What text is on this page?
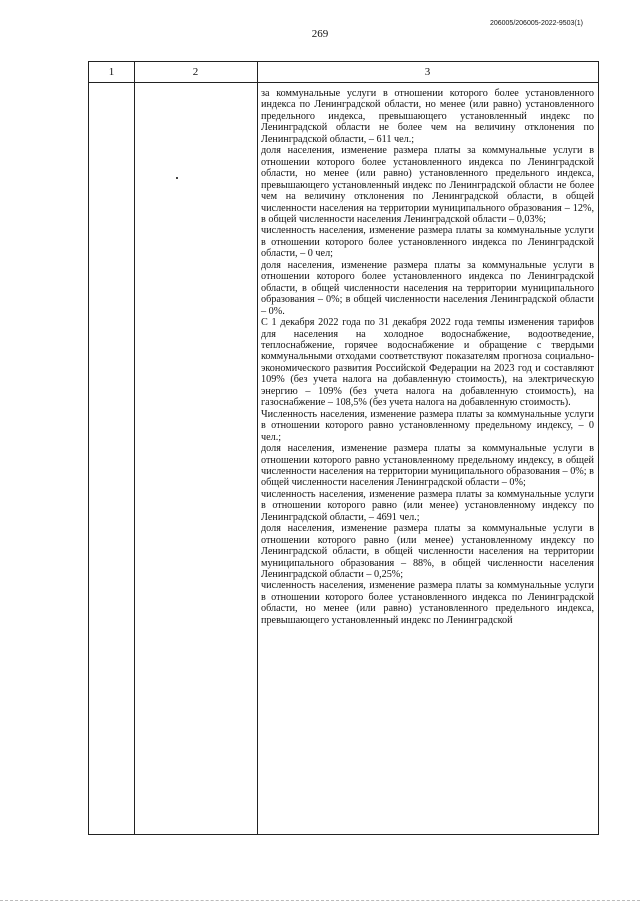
269
206005/206005-2022-9503(1)
1	2	3

за коммунальные услуги в отношении которого более установленного индекса по Ленинградской области, но менее (или равно) установленного предельного индекса, превышающего установленный индекс по Ленинградской области не более чем на величину отклонения по Ленинградской области, – 611 чел.;

доля населения, изменение размера платы за коммунальные услуги в отношении которого более установленного индекса по Ленинградской области, но менее (или равно) установленного предельного индекса, превышающего установленный индекс по Ленинградской области не более чем на величину отклонения по Ленинградской области, в общей численности населения на территории муниципального образования – 12%, в общей численности населения Ленинградской области – 0,03%;

численность населения, изменение размера платы за коммунальные услуги в отношении которого более установленного индекса по Ленинградской области, – 0 чел;

доля населения, изменение размера платы за коммунальные услуги в отношении которого более установленного индекса по Ленинградской области, в общей численности населения на территории муниципального образования – 0%; в общей численности населения Ленинградской области – 0%.

С 1 декабря 2022 года по 31 декабря 2022 года темпы изменения тарифов для населения на холодное водоснабжение, водоотведение, теплоснабжение, горячее водоснабжение и обращение с твердыми коммунальными отходами соответствуют показателям прогноза социально-экономического развития Российской Федерации на 2023 год и составляют 109% (без учета налога на добавленную стоимость), на электрическую энергию – 109% (без учета налога на добавленную стоимость), на газоснабжение – 108,5% (без учета налога на добавленную стоимость).

Численность населения, изменение размера платы за коммунальные услуги в отношении которого равно установленному предельному индексу, – 0 чел.;

доля населения, изменение размера платы за коммунальные услуги в отношении которого равно установленному предельному индексу, в общей численности населения на территории муниципального образования – 0%; в общей численности населения Ленинградской области – 0%;

численность населения, изменение размера платы за коммунальные услуги в отношении которого равно (или менее) установленному индексу по Ленинградской области, – 4691 чел.;

доля населения, изменение размера платы за коммунальные услуги в отношении которого равно (или менее) установленному индексу по Ленинградской области, в общей численности населения на территории муниципального образования – 88%, в общей численности населения Ленинградской области – 0,25%;

численность населения, изменение размера платы за коммунальные услуги в отношении которого более установленного индекса по Ленинградской области, но менее (или равно) установленного предельного индекса, превышающего установленный индекс по Ленинградской
